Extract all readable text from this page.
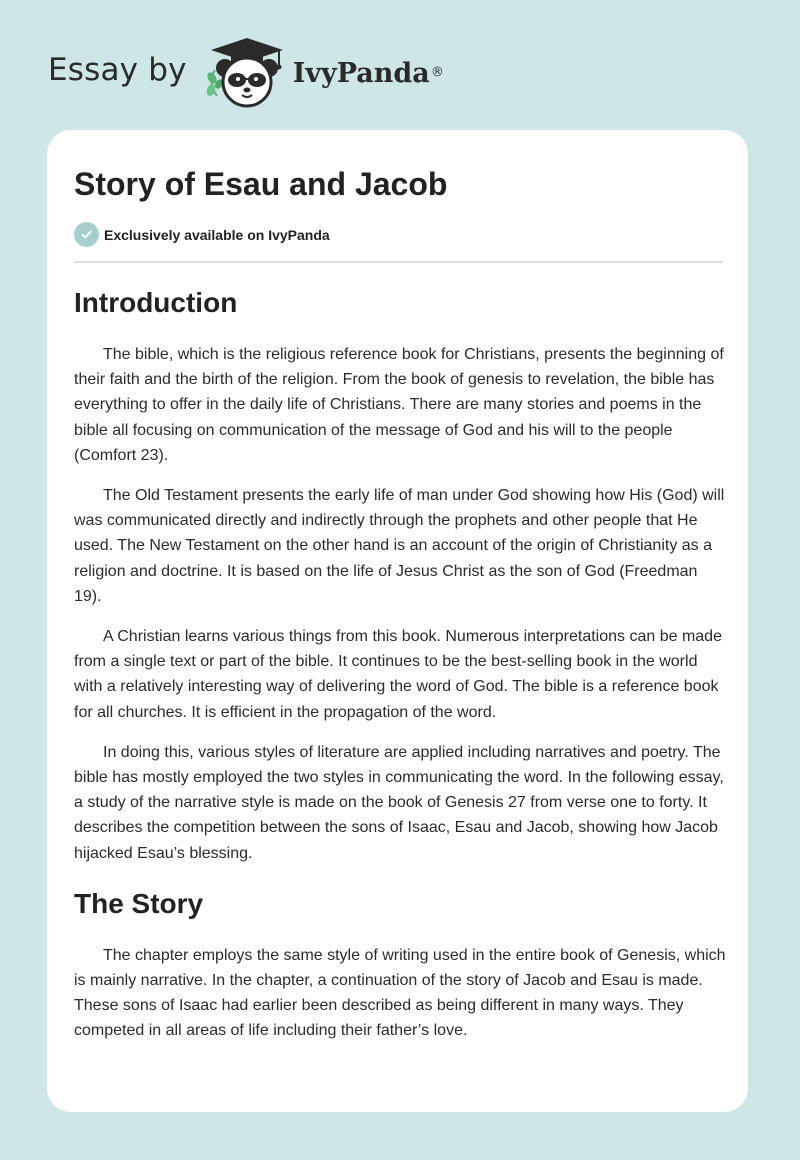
Essay by	IvyPanda ®
Story of Esau and Jacob
Exclusively available on IvyPanda
Introduction

The bible, which is the religious reference book for Christians, presents the beginning of their faith and the birth of the religion. From the book of genesis to revelation, the bible has everything to offer in the daily life of Christians. There are many stories and poems in the bible all focusing on communication of the message of God and his will to the people (Comfort 23).

The Old Testament presents the early life of man under God showing how His (God) will was communicated directly and indirectly through the prophets and other people that He used. The New Testament on the other hand is an account of the origin of Christianity as a religion and doctrine. It is based on the life of Jesus Christ as the son of God (Freedman 19).

A Christian learns various things from this book. Numerous interpretations can be made from a single text or part of the bible. It continues to be the best-selling book in the world with a relatively interesting way of delivering the word of God. The bible is a reference book for all churches. It is efficient in the propagation of the word.

In doing this, various styles of literature are applied including narratives and poetry. The bible has mostly employed the two styles in communicating the word. In the following essay, a study of the narrative style is made on the book of Genesis 27 from verse one to forty. It describes the competition between the sons of Isaac, Esau and Jacob, showing how Jacob hijacked Esau’s blessing.

The Story

The chapter employs the same style of writing used in the entire book of Genesis, which is mainly narrative. In the chapter, a continuation of the story of Jacob and Esau is made. These sons of Isaac had earlier been described as being different in many ways. They competed in all areas of life including their father’s love.
